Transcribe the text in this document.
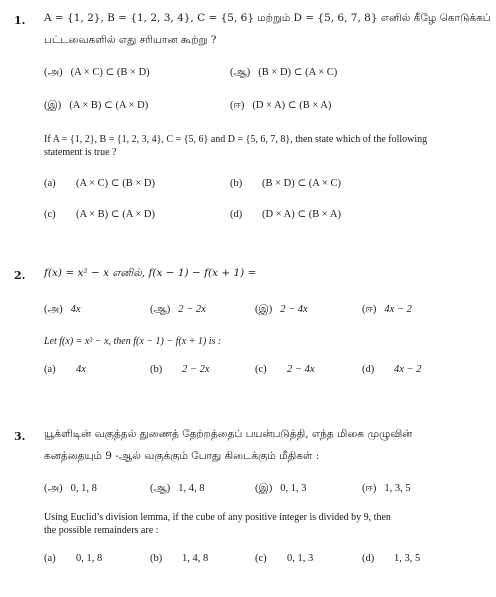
1. A = {1, 2}, B = {1, 2, 3, 4}, C = {5, 6} மற்றும் D = {5, 6, 7, 8} எனில் கீழே கொடுக்கப்
பட்டவைகளில் எது சரியான கூற்று ?
(அ) (A × C) ⊂ (B × D)	(ஆ) (B × D) ⊂ (A × C)
(இ) (A × B) ⊂ (A × D)	(ஈ) (D × A) ⊂ (B × A)
If A = {1, 2}, B = {1, 2, 3, 4}, C = {5, 6} and D = {5, 6, 7, 8}, then state which of the following
statement is true ?
(a) (A × C) ⊂ (B × D)	(b) (B × D) ⊂ (A × C)
(c) (A × B) ⊂ (A × D)	(d) (D × A) ⊂ (B × A)
2. f(x) = x² − x எனில், f(x − 1) − f(x + 1) =
(அ) 4x	(ஆ) 2 − 2x	(இ) 2 − 4x	(ஈ) 4x − 2
Let f(x) = x² − x, then f(x − 1) − f(x + 1) is :
(a) 4x	(b) 2 − 2x	(c) 2 − 4x	(d) 4x − 2
3. யூக்ளிடின் வகுத்தல் துணைத் தேற்றத்தைப் பயன்படுத்தி, எந்த மிகை முழுவின்
கனத்தையும் 9 -ஆல் வகுக்கும் போது கிடைக்கும் மீதிகள் :
(அ) 0, 1, 8	(ஆ) 1, 4, 8	(இ) 0, 1, 3	(ஈ) 1, 3, 5
Using Euclid’s division lemma, if the cube of any positive integer is divided by 9, then
the possible remainders are :
(a) 0, 1, 8	(b) 1, 4, 8	(c) 0, 1, 3	(d) 1, 3, 5
